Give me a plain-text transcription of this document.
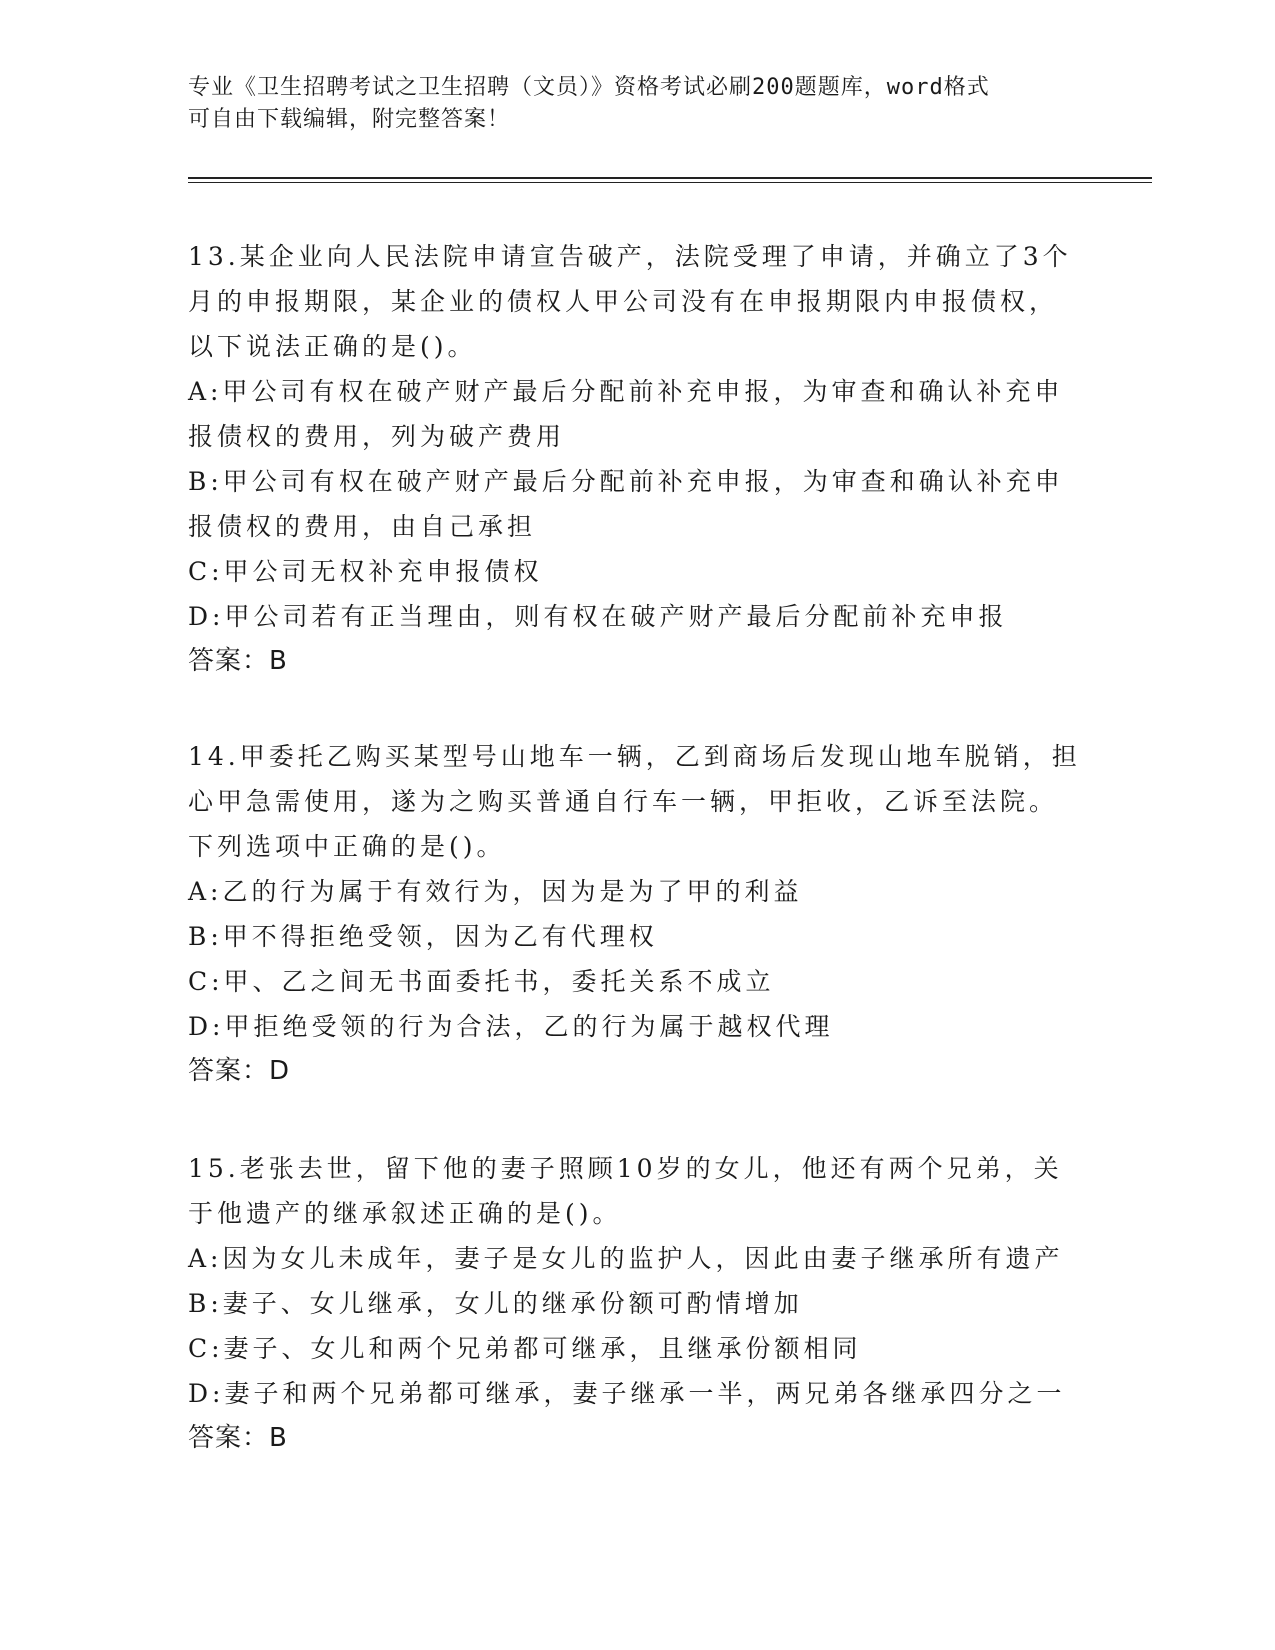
专业《卫生招聘考试之卫生招聘（文员）》资格考试必刷200题题库，word格式
可自由下载编辑，附完整答案！
13.某企业向人民法院申请宣告破产，法院受理了申请，并确立了3个
月的申报期限，某企业的债权人甲公司没有在申报期限内申报债权，
以下说法正确的是()。
A:甲公司有权在破产财产最后分配前补充申报，为审查和确认补充申
报债权的费用，列为破产费用
B:甲公司有权在破产财产最后分配前补充申报，为审查和确认补充申
报债权的费用，由自己承担
C:甲公司无权补充申报债权
D:甲公司若有正当理由，则有权在破产财产最后分配前补充申报
答案：B
14.甲委托乙购买某型号山地车一辆，乙到商场后发现山地车脱销，担
心甲急需使用，遂为之购买普通自行车一辆，甲拒收，乙诉至法院。
下列选项中正确的是()。
A:乙的行为属于有效行为，因为是为了甲的利益
B:甲不得拒绝受领，因为乙有代理权
C:甲、乙之间无书面委托书，委托关系不成立
D:甲拒绝受领的行为合法，乙的行为属于越权代理
答案：D
15.老张去世，留下他的妻子照顾10岁的女儿，他还有两个兄弟，关
于他遗产的继承叙述正确的是()。
A:因为女儿未成年，妻子是女儿的监护人，因此由妻子继承所有遗产
B:妻子、女儿继承，女儿的继承份额可酌情增加
C:妻子、女儿和两个兄弟都可继承，且继承份额相同
D:妻子和两个兄弟都可继承，妻子继承一半，两兄弟各继承四分之一
答案：B
